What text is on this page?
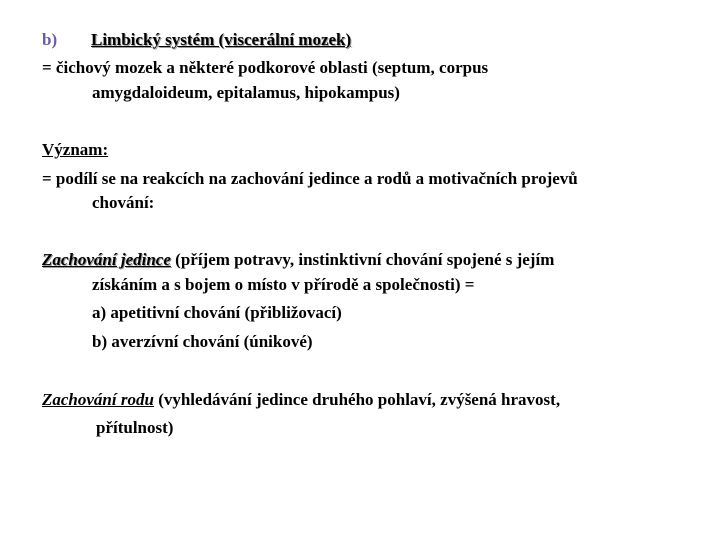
b) Limbický systém (viscerální mozek)
= čichový mozek a některé podkorové oblasti (septum, corpus
amygdaloideum, epitalamus, hipokampus)
Význam:
= podílí se na reakcích na zachování jedince a rodů a motivačních projevů
chování:
Zachování jedince (příjem potravy, instinktivní chování spojené s jejím
získáním a s bojem o místo v přírodě a společnosti) =
a) apetitivní chování (přibližovací)
b) averzívní chování (únikové)
Zachování rodu (vyhledávání jedince druhého pohlaví, zvýšená hravost,
přítulnost)
